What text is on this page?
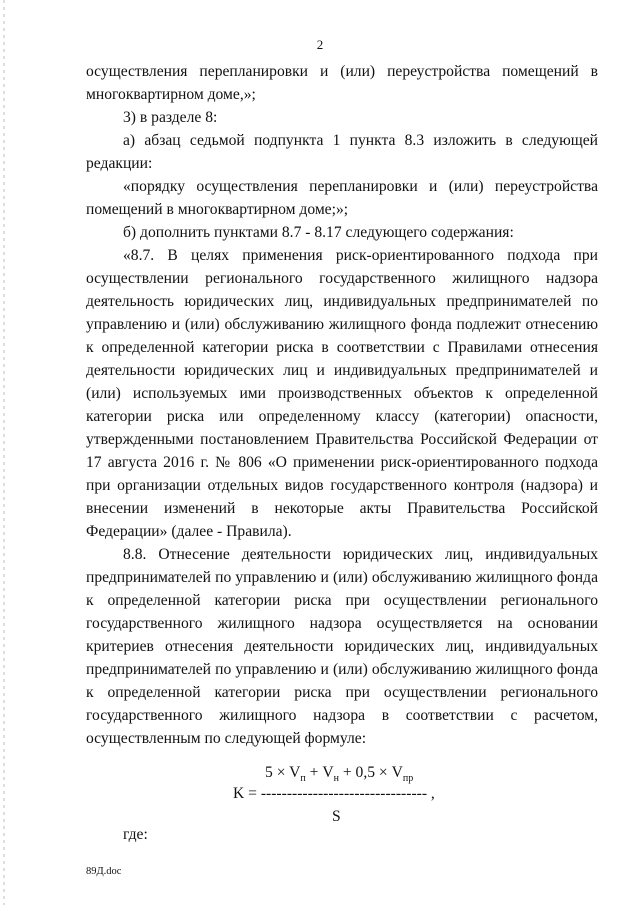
2

осуществления перепланировки и (или) переустройства помещений в многоквартирном доме,»;

3) в разделе 8:

а) абзац седьмой подпункта 1 пункта 8.3 изложить в следующей редакции:

«порядку осуществления перепланировки и (или) переустройства помещений в многоквартирном доме;»;

б) дополнить пунктами 8.7 - 8.17 следующего содержания:

«8.7. В целях применения риск-ориентированного подхода при осуществлении регионального государственного жилищного надзора деятельность юридических лиц, индивидуальных предпринимателей по управлению и (или) обслуживанию жилищного фонда подлежит отнесению к определенной категории риска в соответствии с Правилами отнесения деятельности юридических лиц и индивидуальных предпринимателей и (или) используемых ими производственных объектов к определенной категории риска или определенному классу (категории) опасности, утвержденными постановлением Правительства Российской Федерации от 17 августа 2016 г. № 806 «О применении риск-ориентированного подхода при организации отдельных видов государственного контроля (надзора) и внесении изменений в некоторые акты Правительства Российской Федерации» (далее - Правила).

8.8. Отнесение деятельности юридических лиц, индивидуальных предпринимателей по управлению и (или) обслуживанию жилищного фонда к определенной категории риска при осуществлении регионального государственного жилищного надзора осуществляется на основании критериев отнесения деятельности юридических лиц, индивидуальных предпринимателей по управлению и (или) обслуживанию жилищного фонда к определенной категории риска при осуществлении регионального государственного жилищного надзора в соответствии с расчетом, осуществленным по следующей формуле:

$5 \times V_п + V_н + 0,5 \times V_{пр}$
K = -------------------------------- ,
S
где:
89Д.doc
